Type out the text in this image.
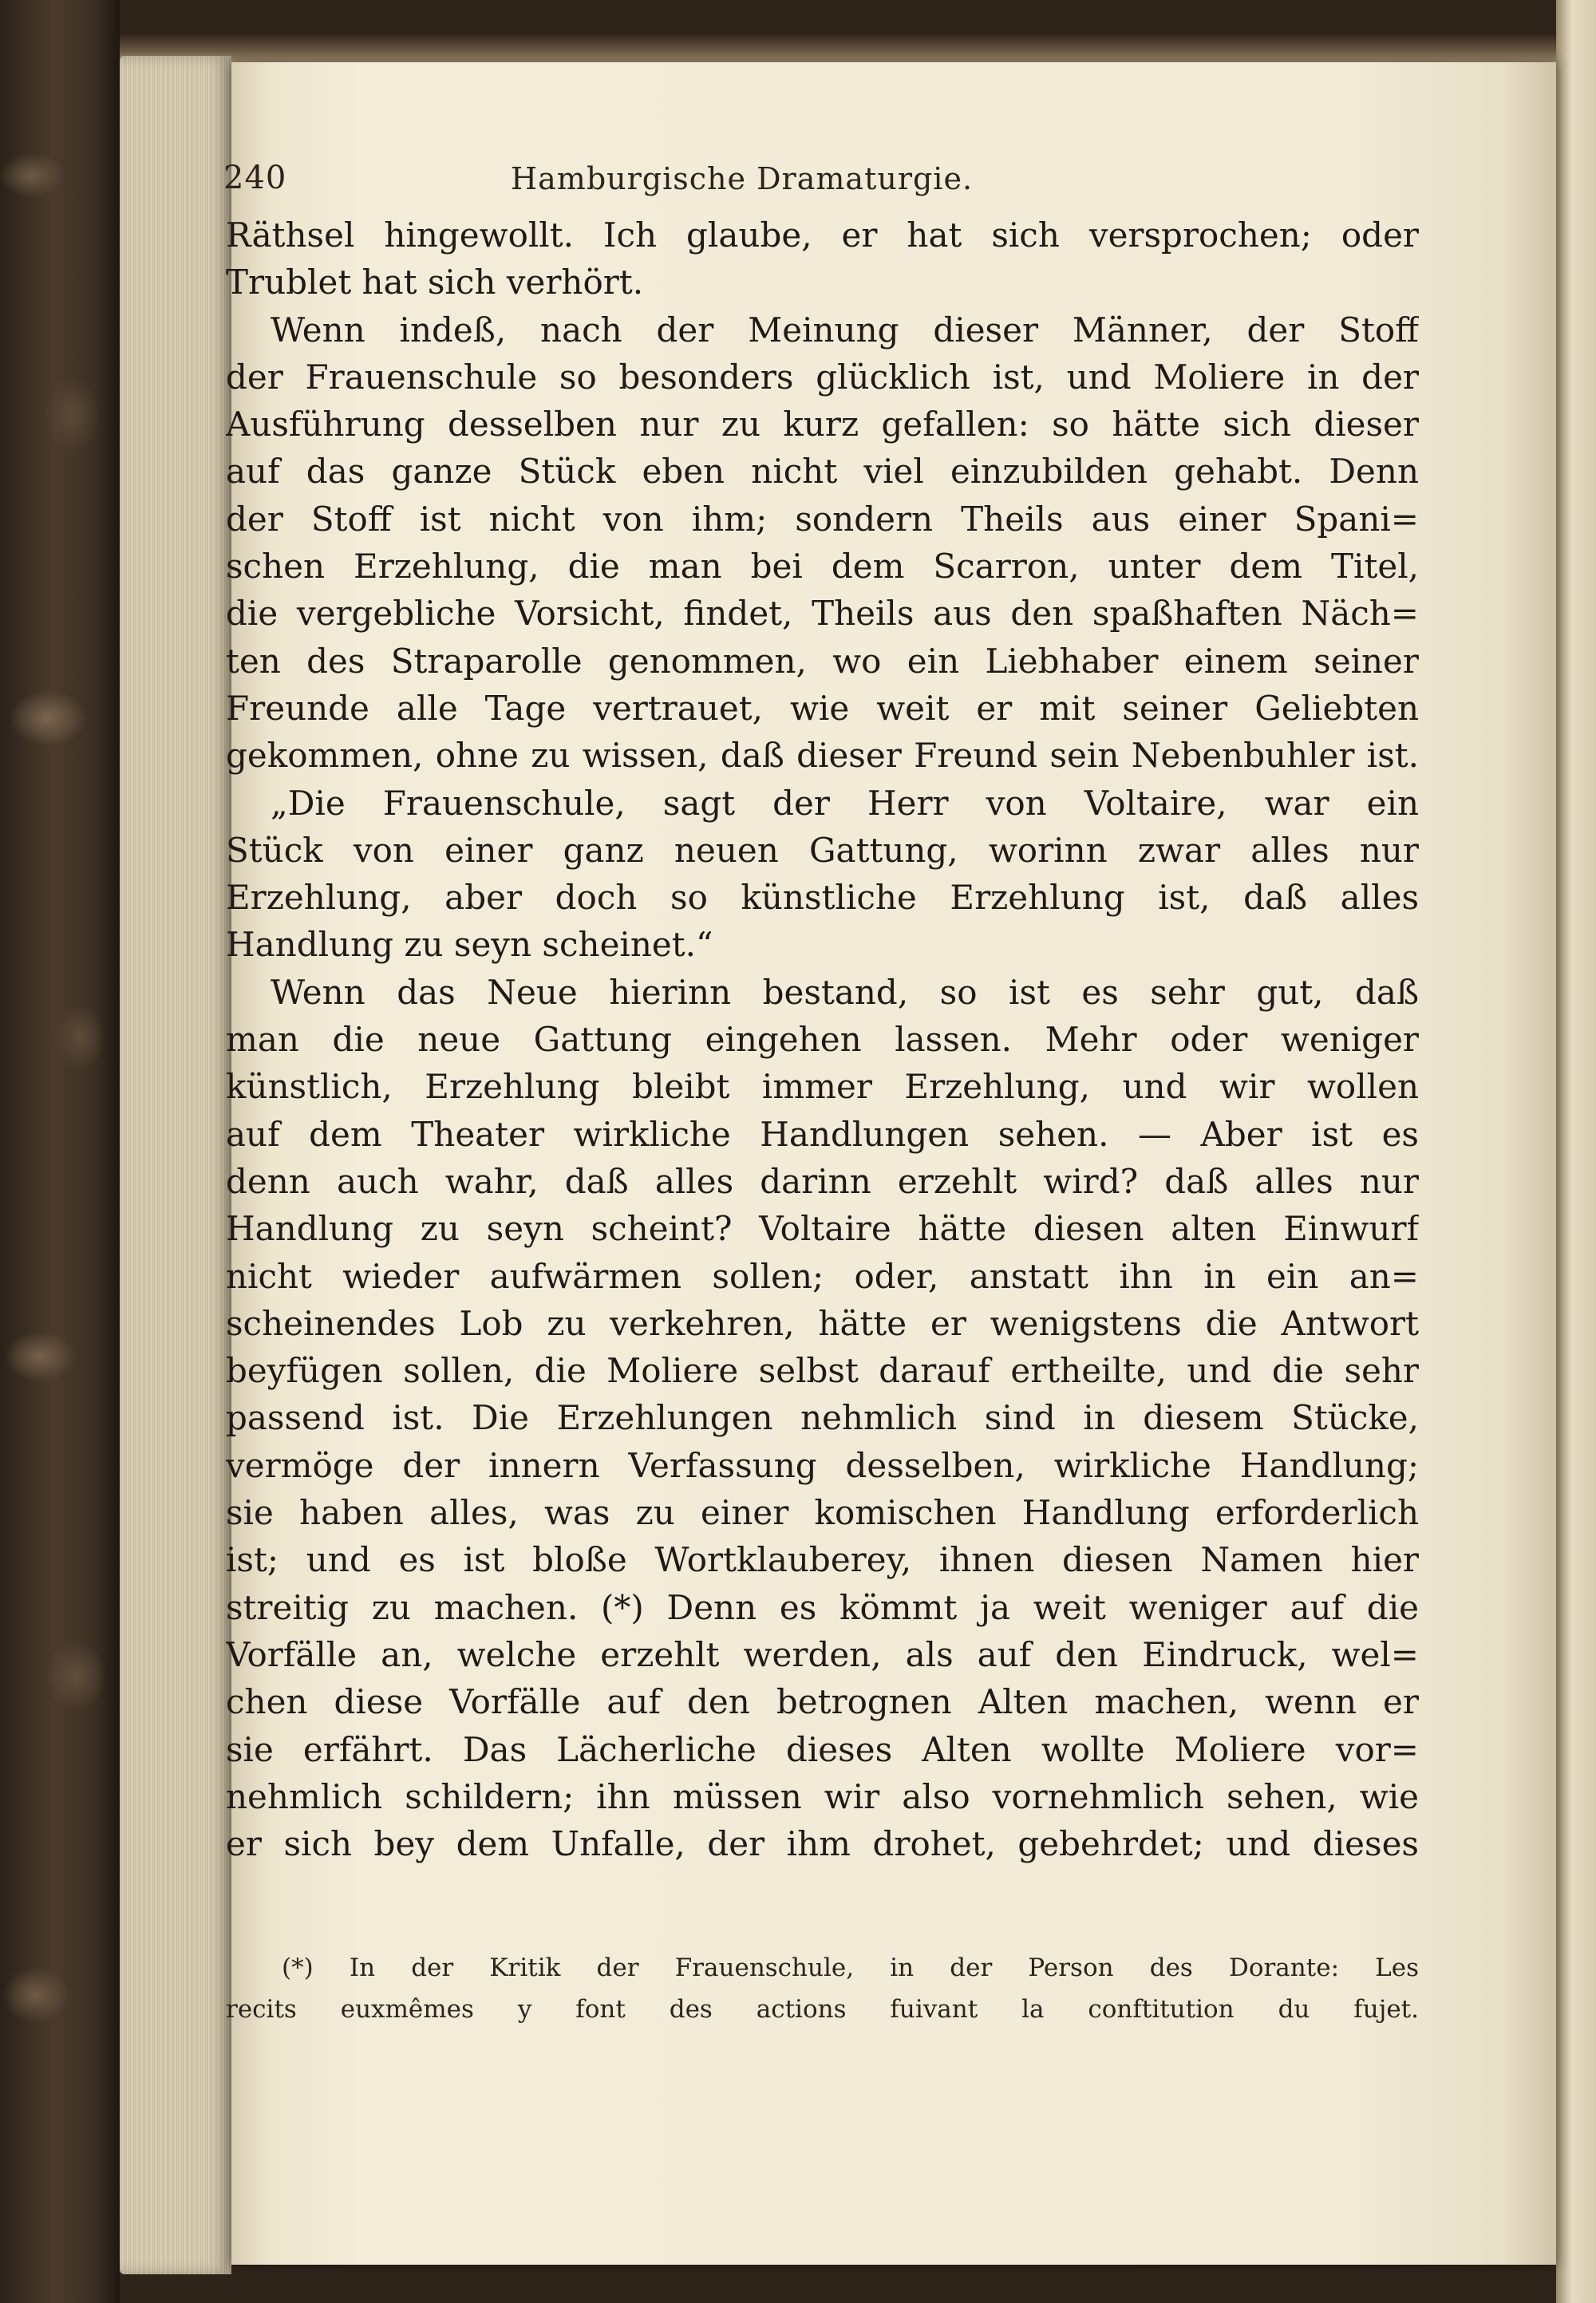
240	Hamburgische Dramaturgie.
Räthsel hingewollt. Ich glaube, er hat sich versprochen; oder
Trublet hat sich verhört.
Wenn indeß, nach der Meinung dieser Männer, der Stoff
der Frauenschule so besonders glücklich ist, und Moliere in der
Ausführung desselben nur zu kurz gefallen: so hätte sich dieser
auf das ganze Stück eben nicht viel einzubilden gehabt. Denn
der Stoff ist nicht von ihm; sondern Theils aus einer Spani=
schen Erzehlung, die man bei dem Scarron, unter dem Titel,
die vergebliche Vorsicht, findet, Theils aus den spaßhaften Näch=
ten des Straparolle genommen, wo ein Liebhaber einem seiner
Freunde alle Tage vertrauet, wie weit er mit seiner Geliebten
gekommen, ohne zu wissen, daß dieser Freund sein Nebenbuhler ist.
„Die Frauenschule, sagt der Herr von Voltaire, war ein
Stück von einer ganz neuen Gattung, worinn zwar alles nur
Erzehlung, aber doch so künstliche Erzehlung ist, daß alles
Handlung zu seyn scheinet.“
Wenn das Neue hierinn bestand, so ist es sehr gut, daß
man die neue Gattung eingehen lassen. Mehr oder weniger
künstlich, Erzehlung bleibt immer Erzehlung, und wir wollen
auf dem Theater wirkliche Handlungen sehen. — Aber ist es
denn auch wahr, daß alles darinn erzehlt wird? daß alles nur
Handlung zu seyn scheint? Voltaire hätte diesen alten Einwurf
nicht wieder aufwärmen sollen; oder, anstatt ihn in ein an=
scheinendes Lob zu verkehren, hätte er wenigstens die Antwort
beyfügen sollen, die Moliere selbst darauf ertheilte, und die sehr
passend ist. Die Erzehlungen nehmlich sind in diesem Stücke,
vermöge der innern Verfassung desselben, wirkliche Handlung;
sie haben alles, was zu einer komischen Handlung erforderlich
ist; und es ist bloße Wortklauberey, ihnen diesen Namen hier
streitig zu machen. (*) Denn es kömmt ja weit weniger auf die
Vorfälle an, welche erzehlt werden, als auf den Eindruck, wel=
chen diese Vorfälle auf den betrognen Alten machen, wenn er
sie erfährt. Das Lächerliche dieses Alten wollte Moliere vor=
nehmlich schildern; ihn müssen wir also vornehmlich sehen, wie
er sich bey dem Unfalle, der ihm drohet, gebehrdet; und dieses
(*) In der Kritik der Frauenschule, in der Person des Dorante: Les
recits euxmêmes y font des actions fuivant la conftitution du fujet.
